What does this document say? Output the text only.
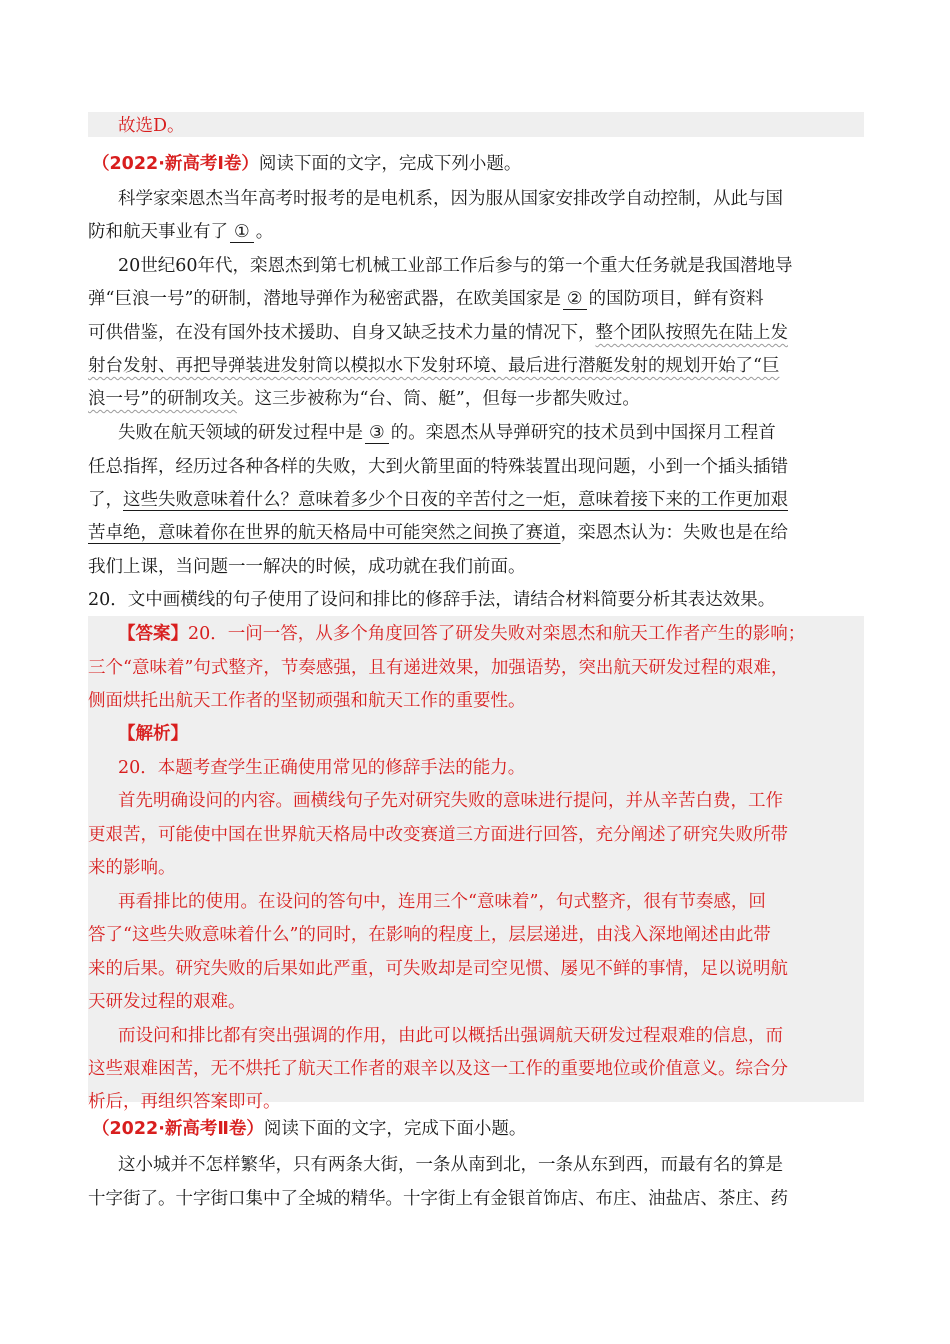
故选D。
（2022·新高考Ⅰ卷）阅读下面的文字，完成下列小题。
科学家栾恩杰当年高考时报考的是电机系，因为服从国家安排改学自动控制，从此与国
防和航天事业有了 ① 。
20世纪60年代，栾恩杰到第七机械工业部工作后参与的第一个重大任务就是我国潜地导
弹“巨浪一号”的研制，潜地导弹作为秘密武器，在欧美国家是 ② 的国防项目，鲜有资料
可供借鉴，在没有国外技术援助、自身又缺乏技术力量的情况下，整个团队按照先在陆上发
射台发射、再把导弹装进发射筒以模拟水下发射环境、最后进行潜艇发射的规划开始了“巨
浪一号”的研制攻关。这三步被称为“台、筒、艇”，但每一步都失败过。
失败在航天领域的研发过程中是 ③ 的。栾恩杰从导弹研究的技术员到中国探月工程首
任总指挥，经历过各种各样的失败，大到火箭里面的特殊装置出现问题，小到一个插头插错
了，这些失败意味着什么？意味着多少个日夜的辛苦付之一炬，意味着接下来的工作更加艰
苦卓绝，意味着你在世界的航天格局中可能突然之间换了赛道，栾恩杰认为：失败也是在给
我们上课，当问题一一解决的时候，成功就在我们前面。
20．文中画横线的句子使用了设问和排比的修辞手法，请结合材料简要分析其表达效果。
【答案】20．一问一答，从多个角度回答了研发失败对栾恩杰和航天工作者产生的影响；
三个“意味着”句式整齐，节奏感强，且有递进效果，加强语势，突出航天研发过程的艰难，
侧面烘托出航天工作者的坚韧顽强和航天工作的重要性。
【解析】
20．本题考查学生正确使用常见的修辞手法的能力。
首先明确设问的内容。画横线句子先对研究失败的意味进行提问，并从辛苦白费，工作
更艰苦，可能使中国在世界航天格局中改变赛道三方面进行回答，充分阐述了研究失败所带
来的影响。
再看排比的使用。在设问的答句中，连用三个“意味着”，句式整齐，很有节奏感，回
答了“这些失败意味着什么”的同时，在影响的程度上，层层递进，由浅入深地阐述由此带
来的后果。研究失败的后果如此严重，可失败却是司空见惯、屡见不鲜的事情，足以说明航
天研发过程的艰难。
而设问和排比都有突出强调的作用，由此可以概括出强调航天研发过程艰难的信息，而
这些艰难困苦，无不烘托了航天工作者的艰辛以及这一工作的重要地位或价值意义。综合分
析后，再组织答案即可。
（2022·新高考Ⅱ卷）阅读下面的文字，完成下面小题。
这小城并不怎样繁华，只有两条大街，一条从南到北，一条从东到西，而最有名的算是
十字街了。十字街口集中了全城的精华。十字街上有金银首饰店、布庄、油盐店、茶庄、药
